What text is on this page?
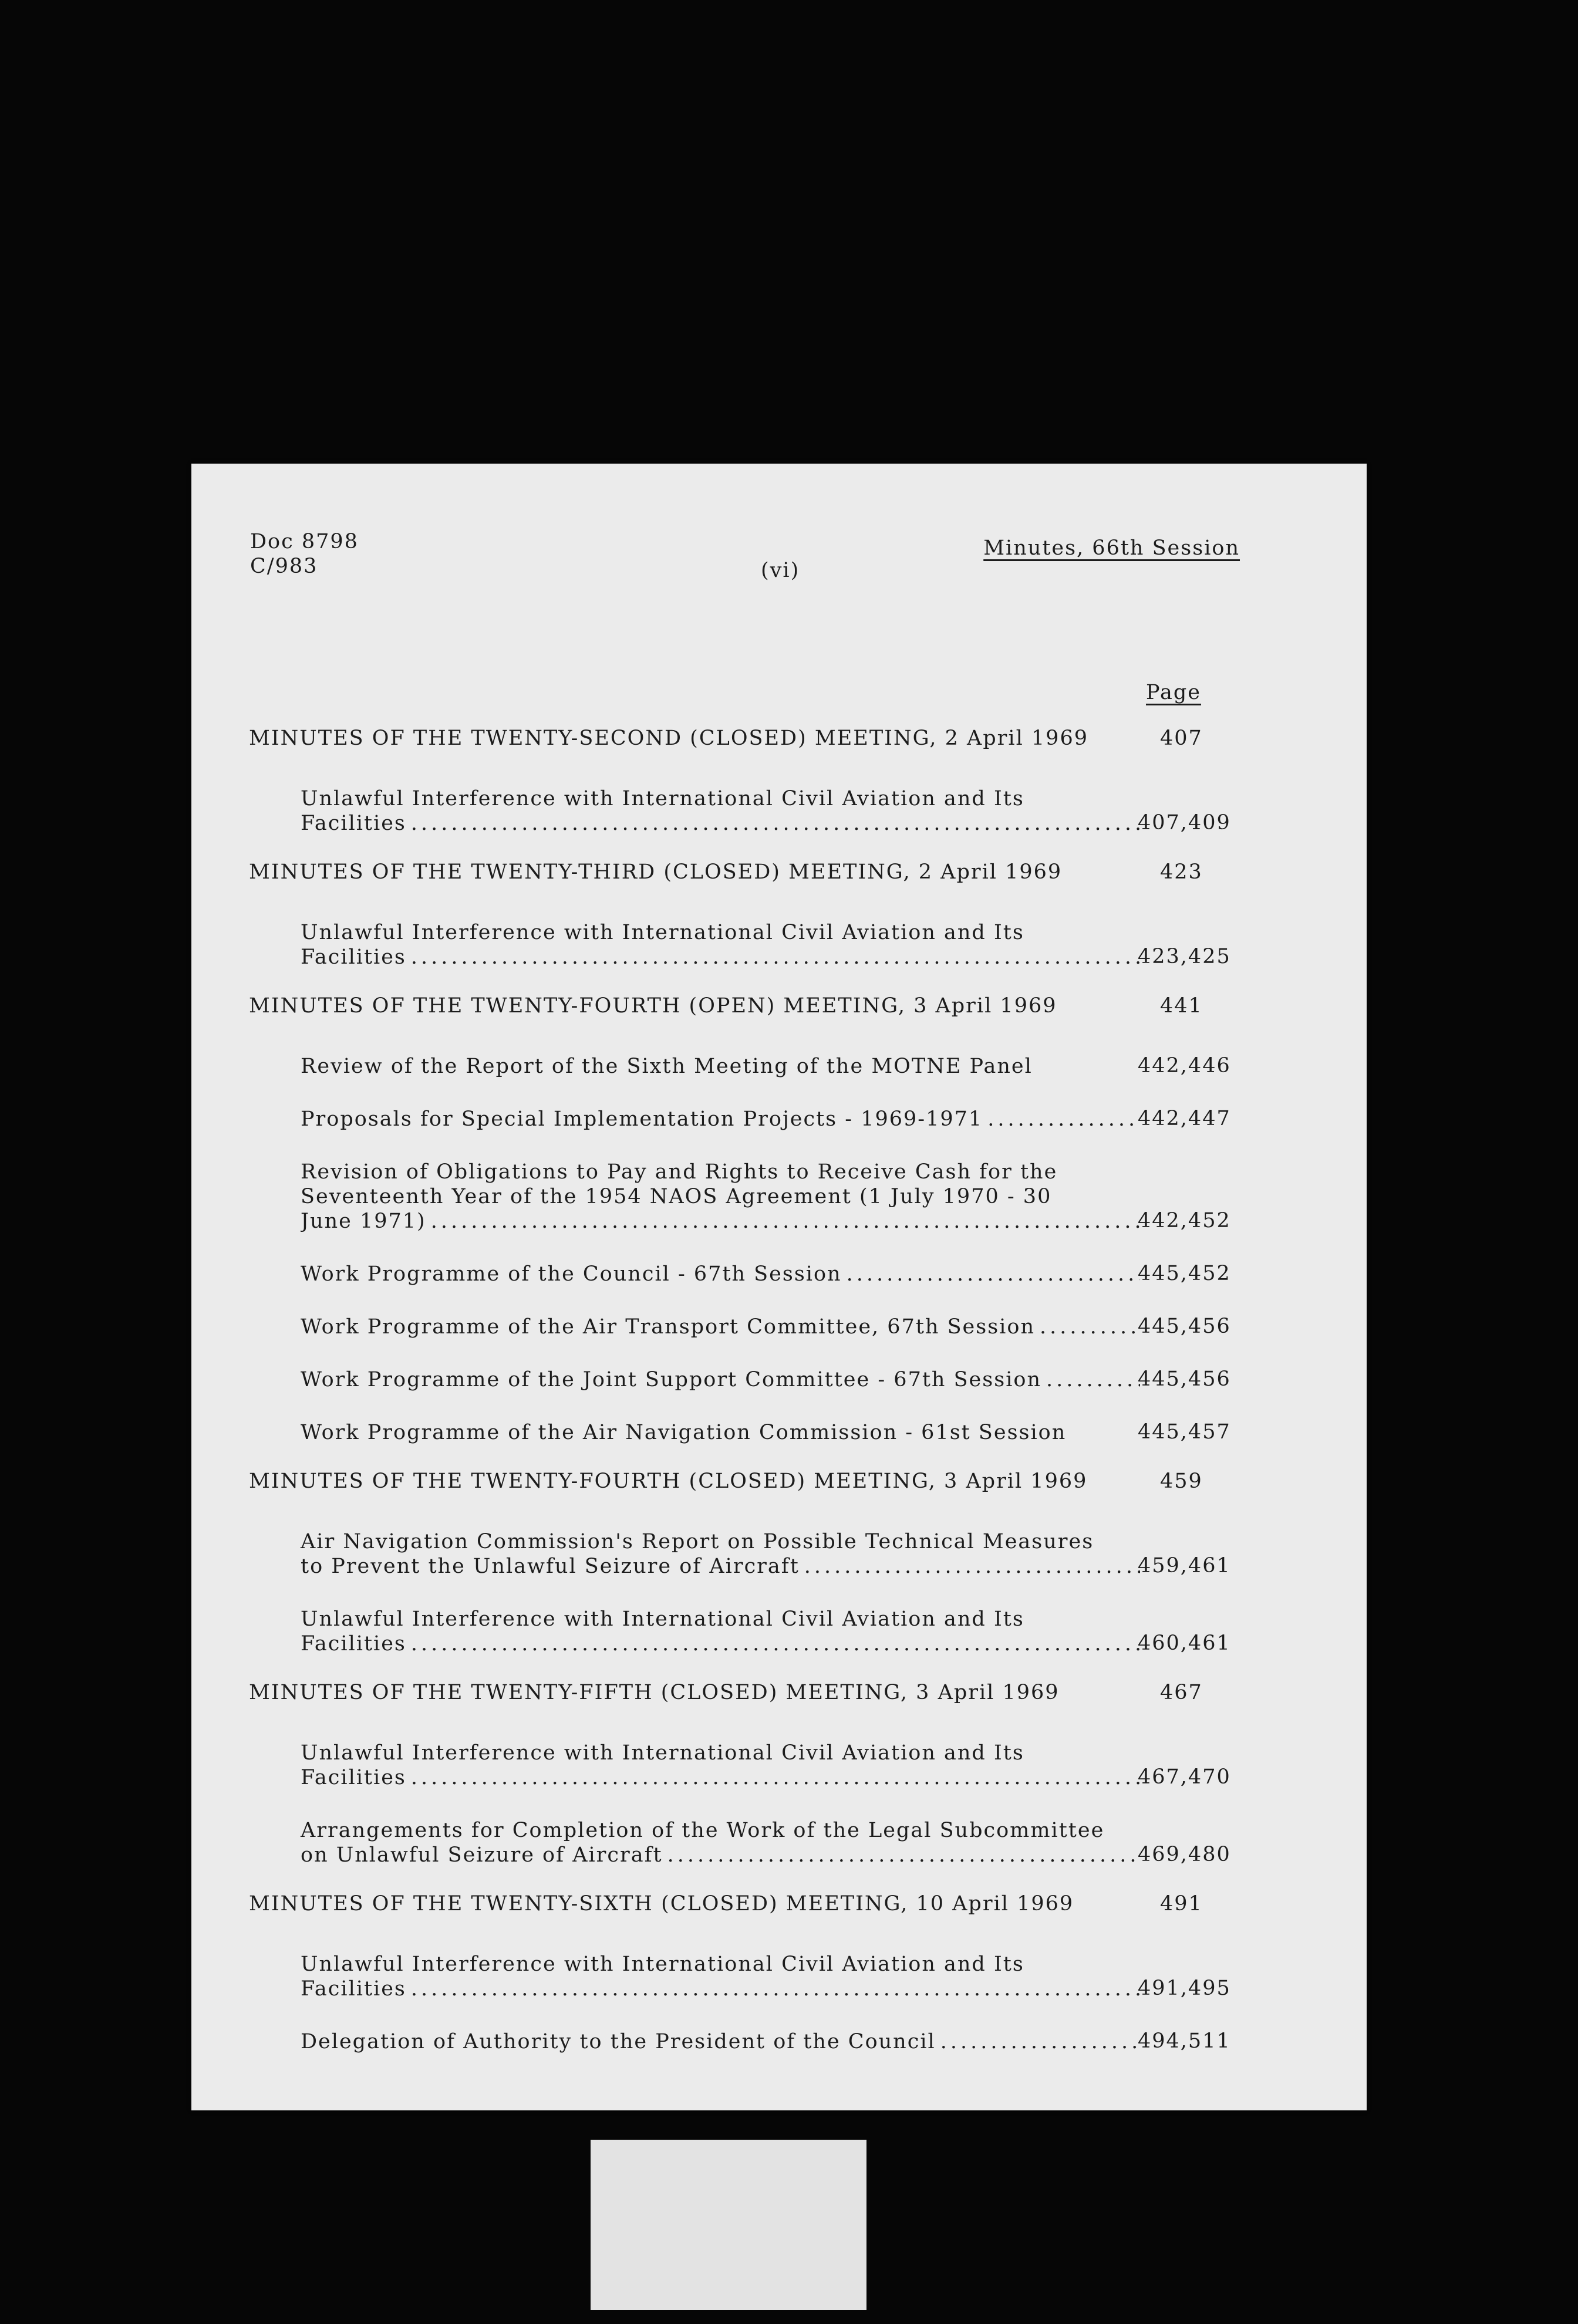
Doc 8798
C/983	(vi)
Minutes, 66th Session
Page
MINUTES OF THE TWENTY-SECOND (CLOSED) MEETING, 2 April 1969	407
Unlawful Interference with International Civil Aviation and Its
Facilities .....	407,409
MINUTES OF THE TWENTY-THIRD (CLOSED) MEETING, 2 April 1969	423
Unlawful Interference with International Civil Aviation and Its
Facilities .....	423,425
MINUTES OF THE TWENTY-FOURTH (OPEN) MEETING, 3 April 1969	441
Review of the Report of the Sixth Meeting of the MOTNE Panel	442,446
Proposals for Special Implementation Projects - 1969-1971 .....	442,447
Revision of Obligations to Pay and Rights to Receive Cash for the
Seventeenth Year of the 1954 NAOS Agreement (1 July 1970 - 30
June 1971) .....	442,452
Work Programme of the Council - 67th Session .....	445,452
Work Programme of the Air Transport Committee, 67th Session .....	445,456
Work Programme of the Joint Support Committee - 67th Session .....	445,456
Work Programme of the Air Navigation Commission - 61st Session	445,457
MINUTES OF THE TWENTY-FOURTH (CLOSED) MEETING, 3 April 1969	459
Air Navigation Commission's Report on Possible Technical Measures
to Prevent the Unlawful Seizure of Aircraft .....	459,461
Unlawful Interference with International Civil Aviation and Its
Facilities .....	460,461
MINUTES OF THE TWENTY-FIFTH (CLOSED) MEETING, 3 April 1969	467
Unlawful Interference with International Civil Aviation and Its
Facilities .....	467,470
Arrangements for Completion of the Work of the Legal Subcommittee
on Unlawful Seizure of Aircraft .....	469,480
MINUTES OF THE TWENTY-SIXTH (CLOSED) MEETING, 10 April 1969	491
Unlawful Interference with International Civil Aviation and Its
Facilities .....	491,495
Delegation of Authority to the President of the Council .....	494,511
